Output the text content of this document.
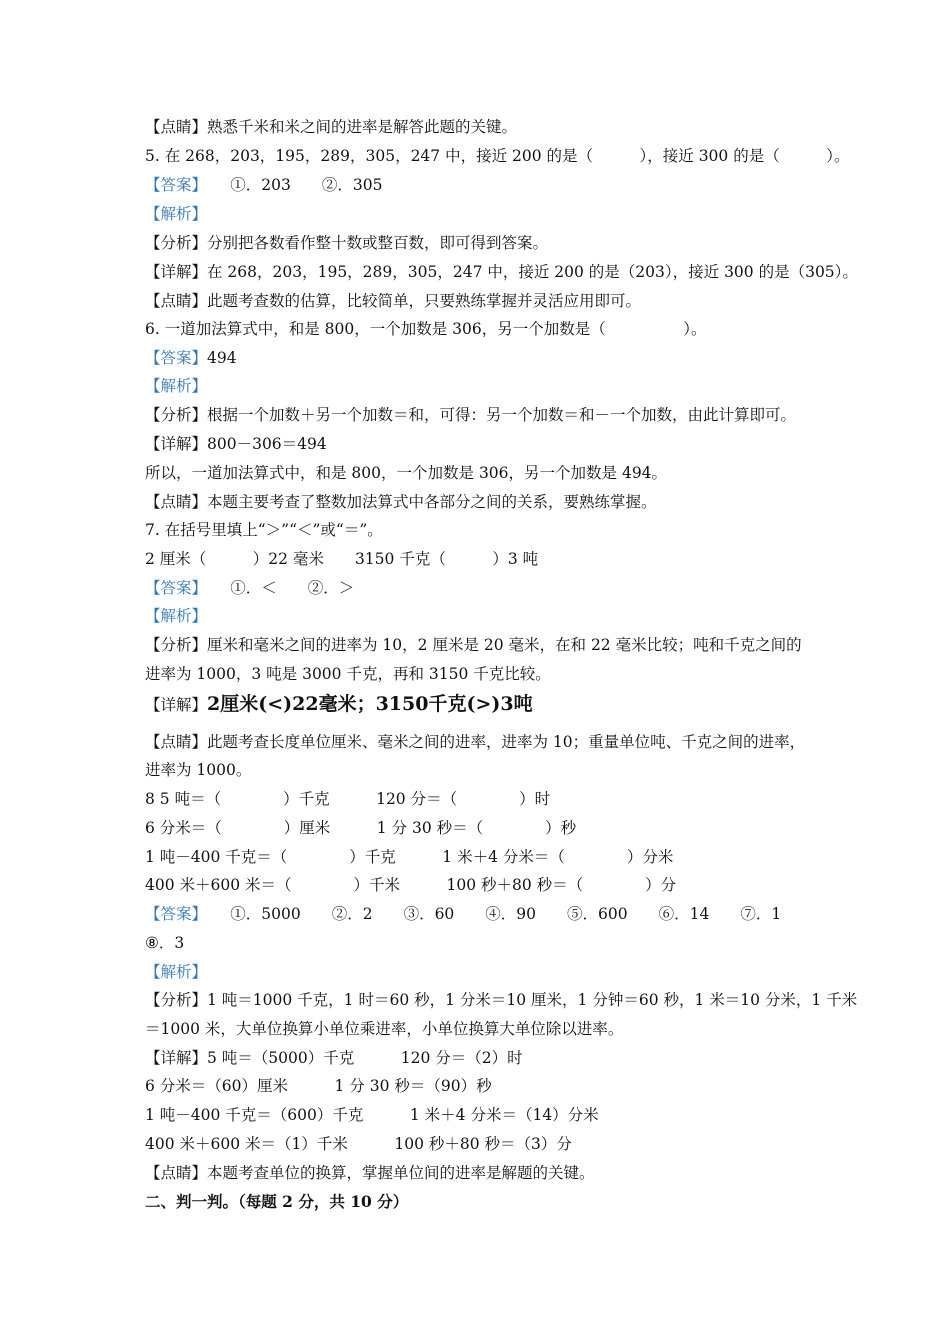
【点睛】熟悉千米和米之间的进率是解答此题的关键。
5. 在 268，203，195，289，305，247 中，接近 200 的是（　　　），接近 300 的是（　　　）。
【答案】　　①．203　　②．305
【解析】
【分析】分别把各数看作整十数或整百数，即可得到答案。
【详解】在 268，203，195，289，305，247 中，接近 200 的是（203），接近 300 的是（305）。
【点睛】此题考查数的估算，比较简单，只要熟练掌握并灵活应用即可。
6. 一道加法算式中，和是 800，一个加数是 306，另一个加数是（　　　　　）。
【答案】494
【解析】
【分析】根据一个加数＋另一个加数＝和，可得：另一个加数＝和－一个加数，由此计算即可。
【详解】800－306＝494
所以，一道加法算式中，和是 800，一个加数是 306，另一个加数是 494。
【点睛】本题主要考查了整数加法算式中各部分之间的关系，要熟练掌握。
7. 在括号里填上“＞”“＜”或“＝”。
2 厘米（　　　）22 毫米　　3150 千克（　　　）3 吨
【答案】　　①．＜　　②．＞
【解析】
【分析】厘米和毫米之间的进率为 10，2 厘米是 20 毫米，在和 22 毫米比较；吨和千克之间的
进率为 1000，3 吨是 3000 千克，再和 3150 千克比较。
【详解】2厘米(<)22毫米；3150千克(>)3吨
【点睛】此题考查长度单位厘米、毫米之间的进率，进率为 10；重量单位吨、千克之间的进率，
进率为 1000。
8 5 吨＝（　　　　）千克　　　120 分＝（　　　　）时
6 分米＝（　　　　）厘米　　　1 分 30 秒＝（　　　　）秒
1 吨－400 千克＝（　　　　）千克　　　1 米＋4 分米＝（　　　　）分米
400 米＋600 米＝（　　　　）千米　　　100 秒＋80 秒＝（　　　　）分
【答案】　　①．5000　　②．2　　③．60　　④．90　　⑤．600　　⑥．14　　⑦．1
⑧．3
【解析】
【分析】1 吨＝1000 千克，1 时＝60 秒，1 分米＝10 厘米，1 分钟＝60 秒，1 米＝10 分米，1 千米
＝1000 米，大单位换算小单位乘进率，小单位换算大单位除以进率。
【详解】5 吨＝（5000）千克　　　120 分＝（2）时
6 分米＝（60）厘米　　　1 分 30 秒＝（90）秒
1 吨－400 千克＝（600）千克　　　1 米＋4 分米＝（14）分米
400 米＋600 米＝（1）千米　　　100 秒＋80 秒＝（3）分
【点睛】本题考查单位的换算，掌握单位间的进率是解题的关键。
二、判一判。（每题 2 分，共 10 分）
